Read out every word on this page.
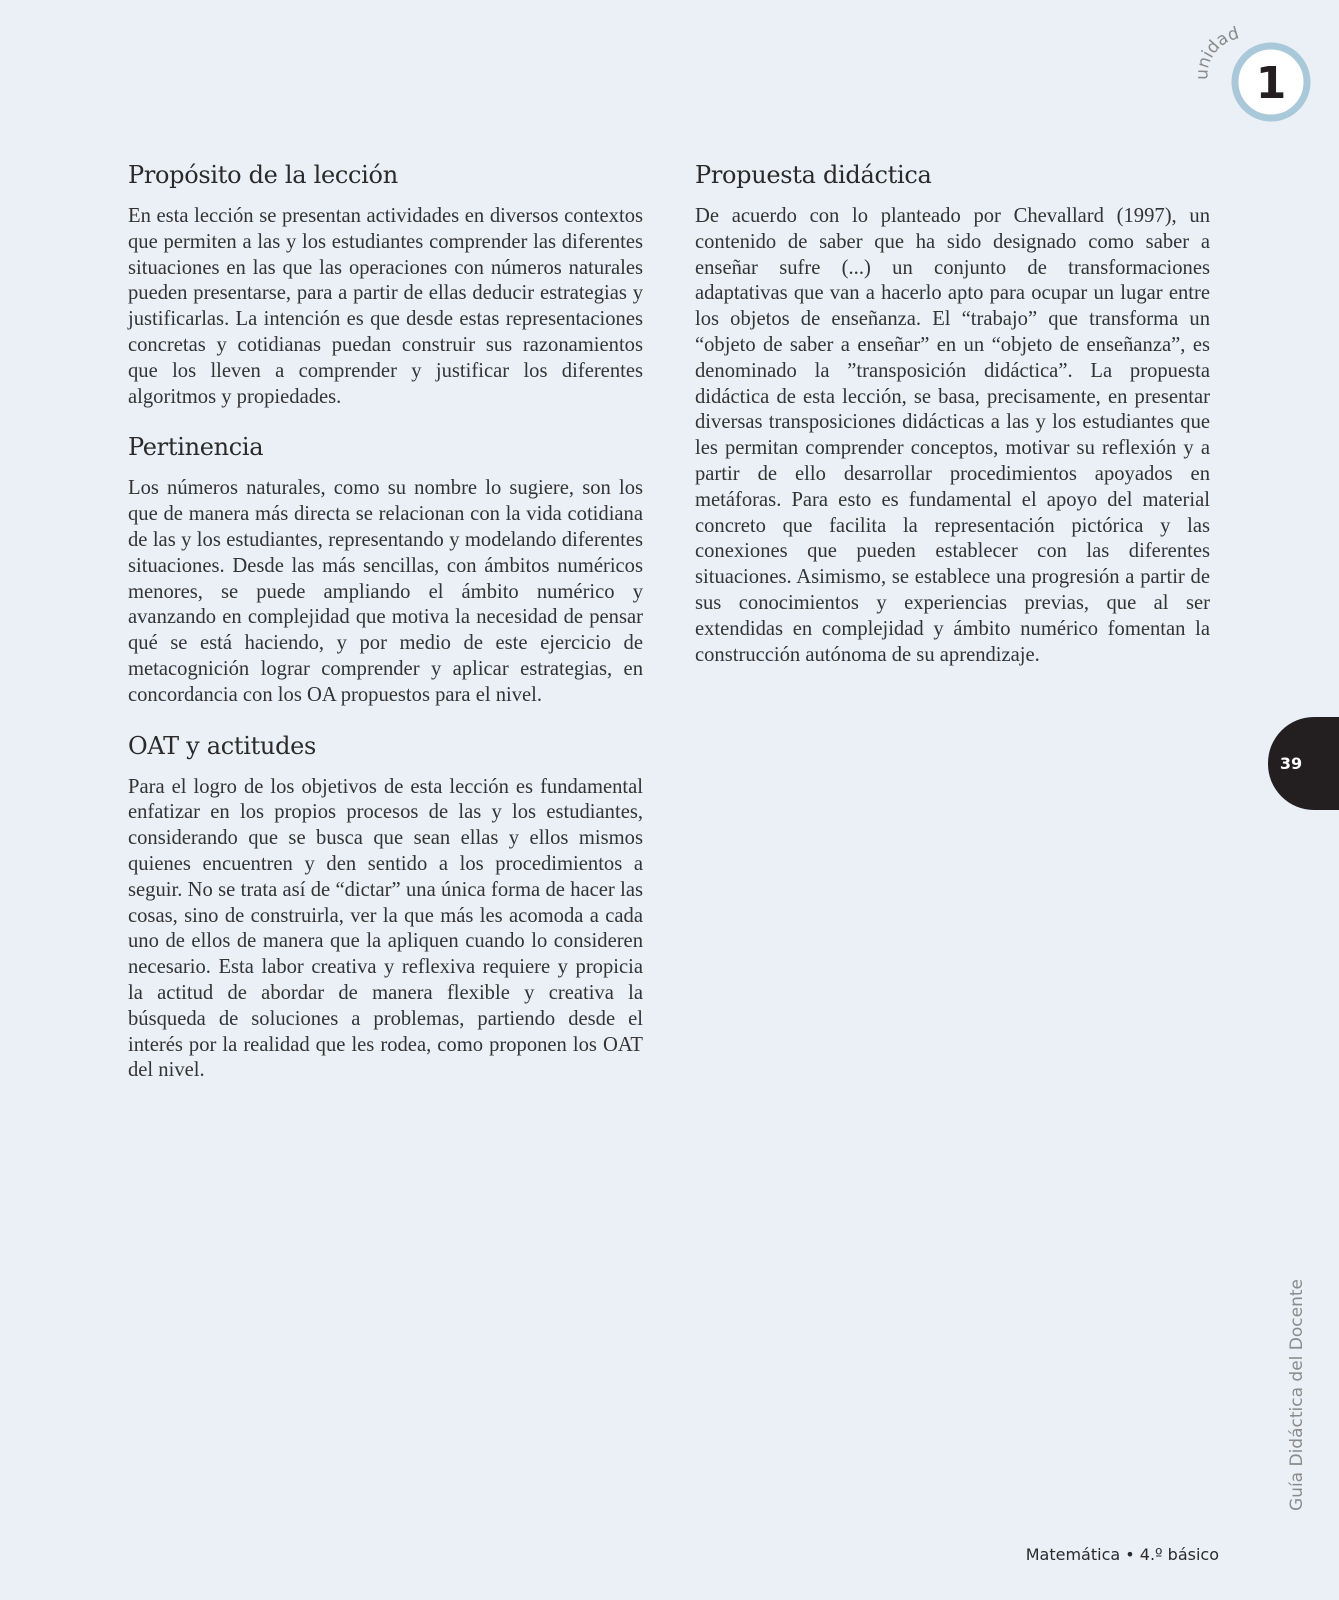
unidad
1
Propósito de la lección

En esta lección se presentan actividades en diversos contextos que permiten a las y los estudiantes comprender las diferentes situaciones en las que las operaciones con números naturales pueden presentarse, para a partir de ellas deducir estrategias y justificarlas. La intención es que desde estas representaciones concretas y cotidianas puedan construir sus razonamientos que los lleven a comprender y justificar los diferentes algoritmos y propiedades.

Pertinencia

Los números naturales, como su nombre lo sugiere, son los que de manera más directa se relacionan con la vida cotidiana de las y los estudiantes, representando y modelando diferentes situaciones. Desde las más sencillas, con ámbitos numéricos menores, se puede ampliando el ámbito numérico y avanzando en complejidad que motiva la necesidad de pensar qué se está haciendo, y por medio de este ejercicio de metacognición lograr comprender y aplicar estrategias, en concordancia con los OA propuestos para el nivel.

OAT y actitudes

Para el logro de los objetivos de esta lección es fundamental enfatizar en los propios procesos de las y los estudiantes, considerando que se busca que sean ellas y ellos mismos quienes encuentren y den sentido a los procedimientos a seguir. No se trata así de “dictar” una única forma de hacer las cosas, sino de construirla, ver la que más les acomoda a cada uno de ellos de manera que la apliquen cuando lo consideren necesario. Esta labor creativa y reflexiva requiere y propicia la actitud de abordar de manera flexible y creativa la búsqueda de soluciones a problemas, partiendo desde el interés por la realidad que les rodea, como proponen los OAT del nivel.

Propuesta didáctica

De acuerdo con lo planteado por Chevallard (1997), un contenido de saber que ha sido designado como saber a enseñar sufre (...) un conjunto de transformaciones adaptativas que van a hacerlo apto para ocupar un lugar entre los objetos de enseñanza. El “trabajo” que transforma un “objeto de saber a enseñar” en un “objeto de enseñanza”, es denominado la ”transposición didáctica”. La propuesta didáctica de esta lección, se basa, precisamente, en presentar diversas transposiciones didácticas a las y los estudiantes que les permitan comprender conceptos, motivar su reflexión y a partir de ello desarrollar procedimientos apoyados en metáforas. Para esto es fundamental el apoyo del material concreto que facilita la representación pictórica y las conexiones que pueden establecer con las diferentes situaciones. Asimismo, se establece una progresión a partir de sus conocimientos y experiencias previas, que al ser extendidas en complejidad y ámbito numérico fomentan la construcción autónoma de su aprendizaje.

39
Guía Didáctica del Docente
Matemática • 4.º básico
